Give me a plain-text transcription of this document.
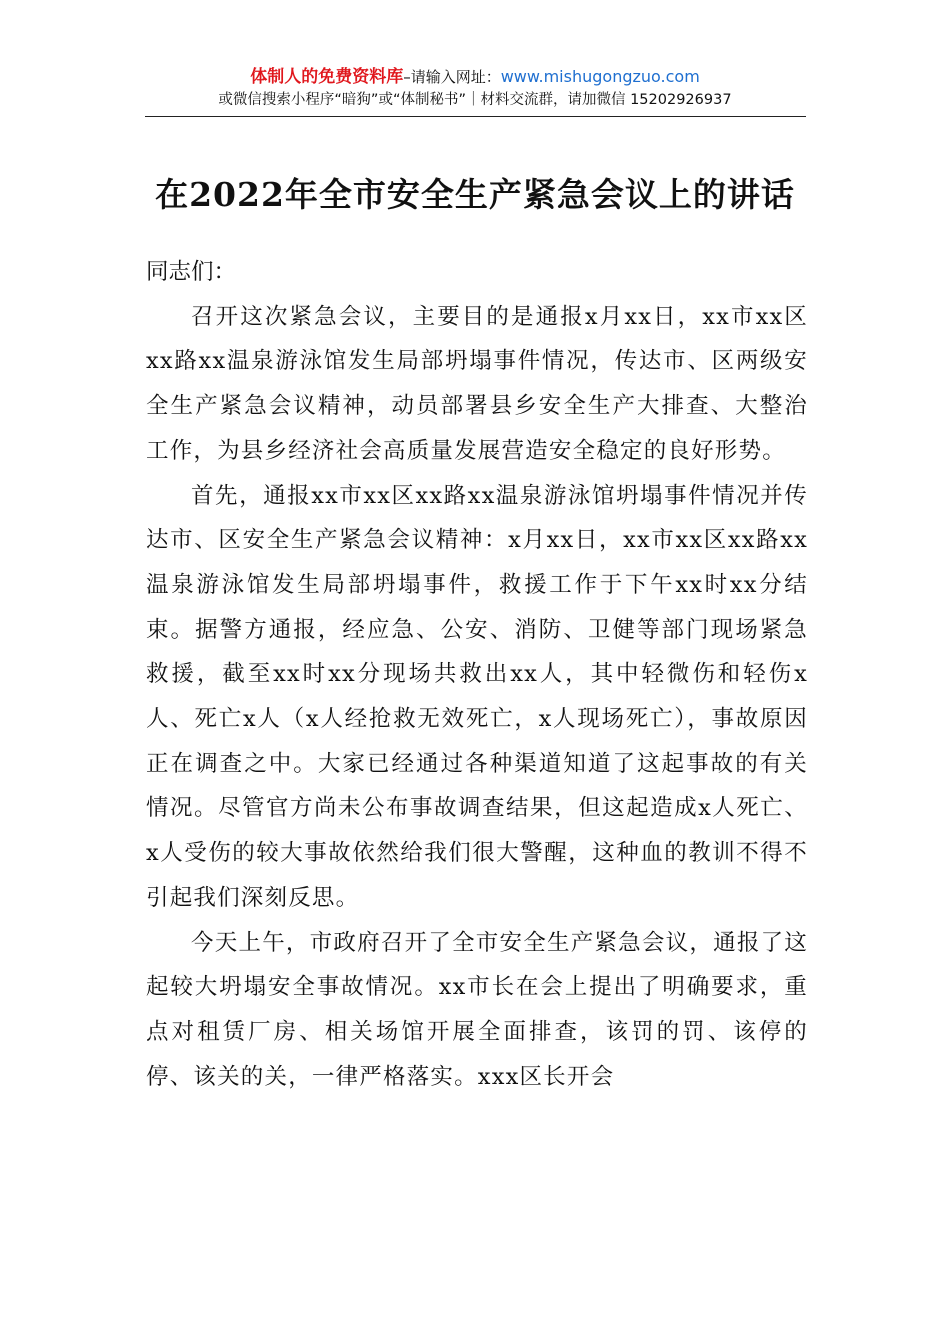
体制人的免费资料库–请输入网址：www.mishugongzuo.com
或微信搜索小程序“暗狗”或“体制秘书”｜材料交流群，请加微信 15202926937
在2022年全市安全生产紧急会议上的讲话

同志们：

召开这次紧急会议，主要目的是通报x月xx日，xx市xx区xx路xx温泉游泳馆发生局部坍塌事件情况，传达市、区两级安全生产紧急会议精神，动员部署县乡安全生产大排查、大整治工作，为县乡经济社会高质量发展营造安全稳定的良好形势。

首先，通报xx市xx区xx路xx温泉游泳馆坍塌事件情况并传达市、区安全生产紧急会议精神：x月xx日，xx市xx区xx路xx温泉游泳馆发生局部坍塌事件，救援工作于下午xx时xx分结束。据警方通报，经应急、公安、消防、卫健等部门现场紧急救援，截至xx时xx分现场共救出xx人，其中轻微伤和轻伤x人、死亡x人（x人经抢救无效死亡，x人现场死亡），事故原因正在调查之中。大家已经通过各种渠道知道了这起事故的有关情况。尽管官方尚未公布事故调查结果，但这起造成x人死亡、x人受伤的较大事故依然给我们很大警醒，这种血的教训不得不引起我们深刻反思。

今天上午，市政府召开了全市安全生产紧急会议，通报了这起较大坍塌安全事故情况。xx市长在会上提出了明确要求，重点对租赁厂房、相关场馆开展全面排查，该罚的罚、该停的停、该关的关，一律严格落实。xxx区长开会
